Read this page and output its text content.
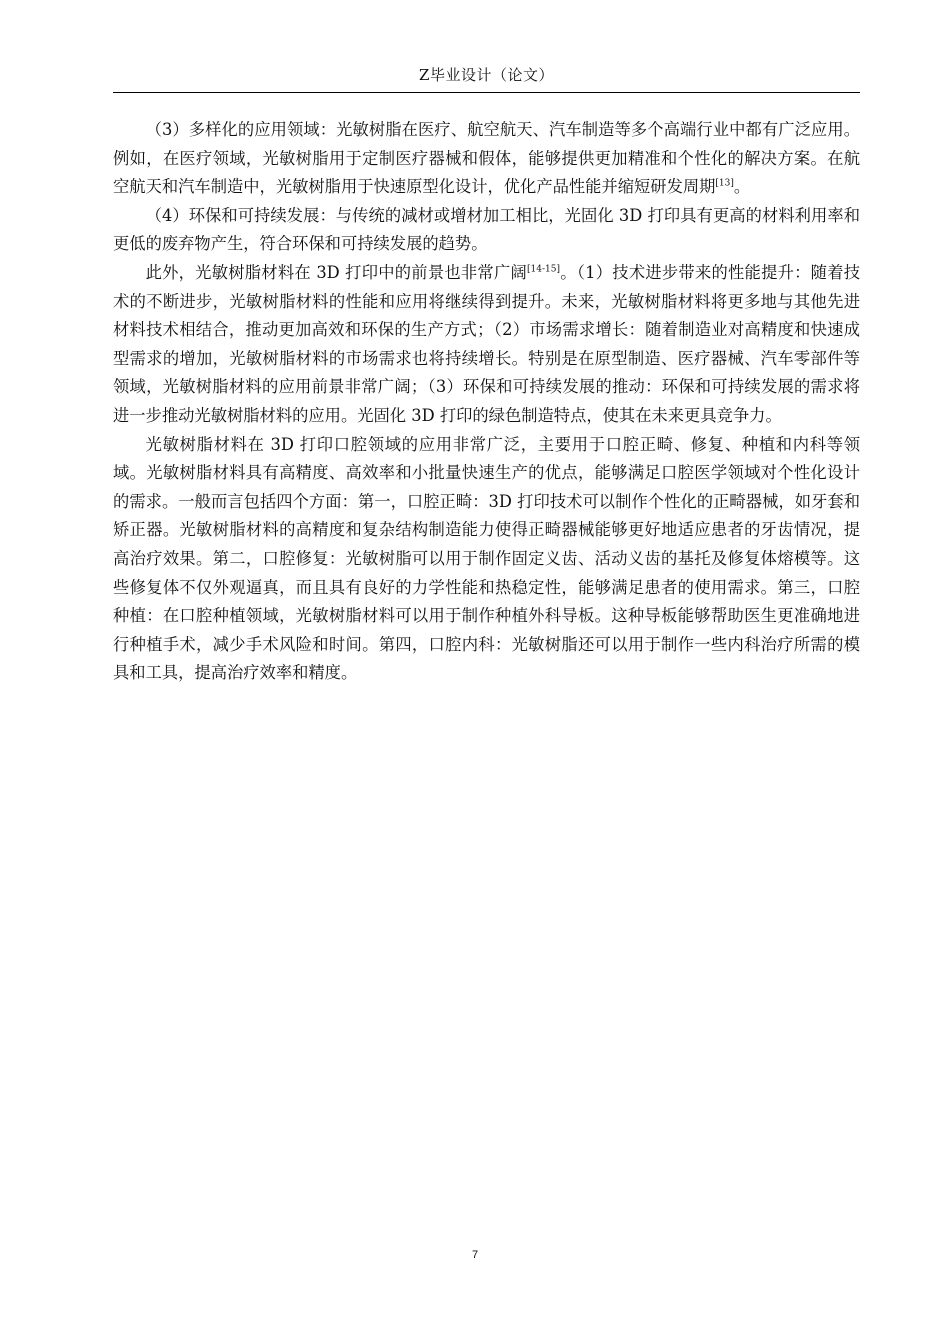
Z毕业设计（论文）

（3）多样化的应用领域：光敏树脂在医疗、航空航天、汽车制造等多个高端行业中都有广泛应用。例如，在医疗领域，光敏树脂用于定制医疗器械和假体，能够提供更加精准和个性化的解决方案。在航空航天和汽车制造中，光敏树脂用于快速原型化设计，优化产品性能并缩短研发周期[13]。

（4）环保和可持续发展：与传统的减材或增材加工相比，光固化 3D 打印具有更高的材料利用率和更低的废弃物产生，符合环保和可持续发展的趋势。

此外，光敏树脂材料在 3D 打印中的前景也非常广阔[14-15]。（1）技术进步带来的性能提升：随着技术的不断进步，光敏树脂材料的性能和应用将继续得到提升。未来，光敏树脂材料将更多地与其他先进材料技术相结合，推动更加高效和环保的生产方式；（2）市场需求增长：随着制造业对高精度和快速成型需求的增加，光敏树脂材料的市场需求也将持续增长。特别是在原型制造、医疗器械、汽车零部件等领域，光敏树脂材料的应用前景非常广阔；（3）环保和可持续发展的推动：环保和可持续发展的需求将进一步推动光敏树脂材料的应用。光固化 3D 打印的绿色制造特点，使其在未来更具竞争力。

光敏树脂材料在 3D 打印口腔领域的应用非常广泛，主要用于口腔正畸、修复、种植和内科等领域。光敏树脂材料具有高精度、高效率和小批量快速生产的优点，能够满足口腔医学领域对个性化设计的需求。一般而言包括四个方面：第一，口腔正畸：3D 打印技术可以制作个性化的正畸器械，如牙套和矫正器。光敏树脂材料的高精度和复杂结构制造能力使得正畸器械能够更好地适应患者的牙齿情况，提高治疗效果。第二，口腔修复：光敏树脂可以用于制作固定义齿、活动义齿的基托及修复体熔模等。这些修复体不仅外观逼真，而且具有良好的力学性能和热稳定性，能够满足患者的使用需求。第三，口腔种植：在口腔种植领域，光敏树脂材料可以用于制作种植外科导板。这种导板能够帮助医生更准确地进行种植手术，减少手术风险和时间。第四，口腔内科：光敏树脂还可以用于制作一些内科治疗所需的模具和工具，提高治疗效率和精度。

7
